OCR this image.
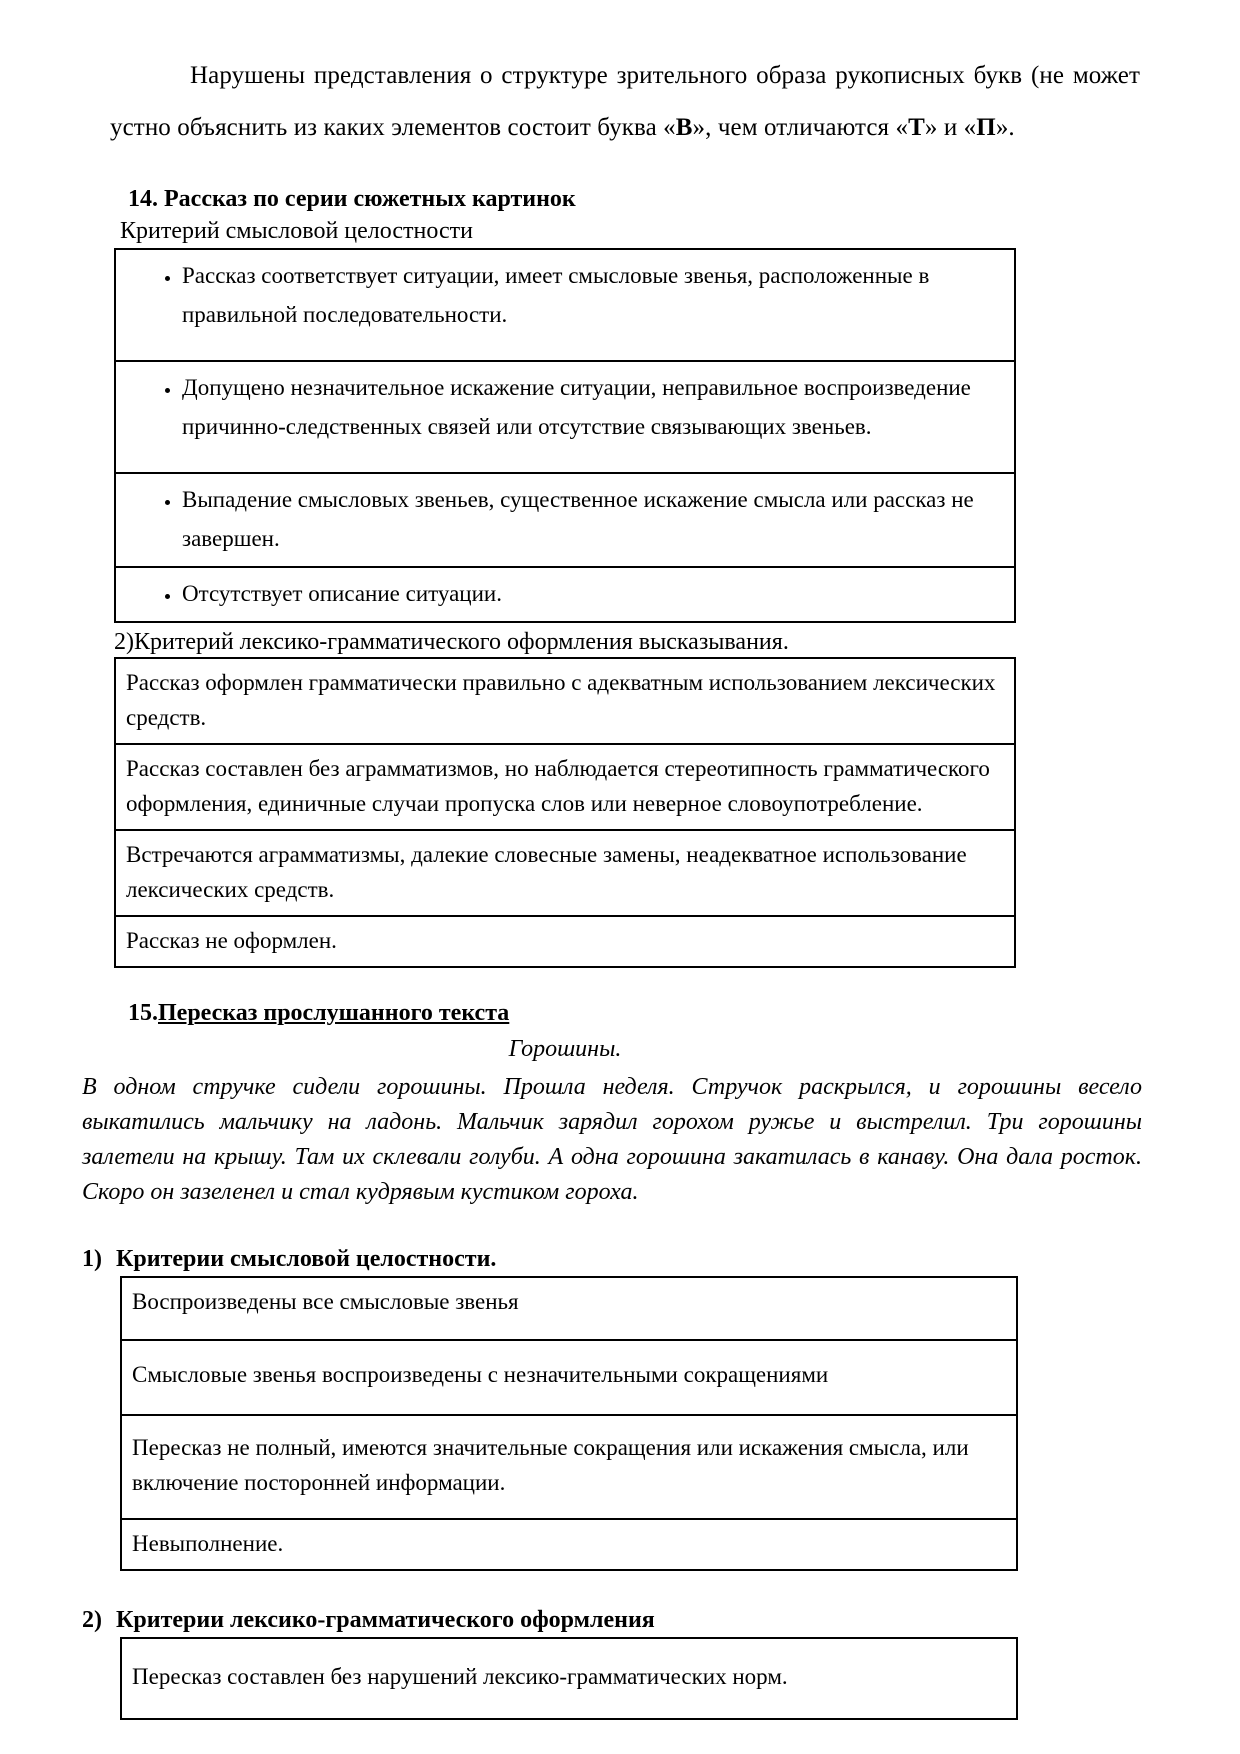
Нарушены представления о структуре зрительного образа рукописных букв (не может устно объяснить из каких элементов состоит буква «В», чем отличаются «Т» и «П».

14. Рассказ по серии сюжетных картинок
Критерий смысловой целостности
• Рассказ соответствует ситуации, имеет смысловые звенья, расположенные в правильной последовательности.

• Допущено незначительное искажение ситуации, неправильное воспроизведение причинно-следственных связей или отсутствие связывающих звеньев.

• Выпадение смысловых звеньев, существенное искажение смысла или рассказ не завершен.

• Отсутствует описание ситуации.
2)Критерий лексико-грамматического оформления высказывания.
Рассказ оформлен грамматически правильно с адекватным использованием лексических средств.
Рассказ составлен без аграмматизмов, но наблюдается стереотипность грамматического оформления, единичные случаи пропуска слов или неверное словоупотребление.
Встречаются аграмматизмы, далекие словесные замены, неадекватное использование лексических средств.
Рассказ не оформлен.
15.Пересказ прослушанного текста
Горошины.
В одном стручке сидели горошины. Прошла неделя. Стручок раскрылся, и горошины весело выкатились мальчику на ладонь. Мальчик зарядил горохом ружье и выстрелил. Три горошины залетели на крышу. Там их склевали голуби. А одна горошина закатилась в канаву. Она дала росток. Скоро он зазеленел и стал кудрявым кустиком гороха.
1) Критерии смысловой целостности.
Воспроизведены все смысловые звенья
Смысловые звенья воспроизведены с незначительными сокращениями
Пересказ не полный, имеются значительные сокращения или искажения смысла, или включение посторонней информации.
Невыполнение.
2) Критерии лексико-грамматического оформления
Пересказ составлен без нарушений лексико-грамматических норм.
